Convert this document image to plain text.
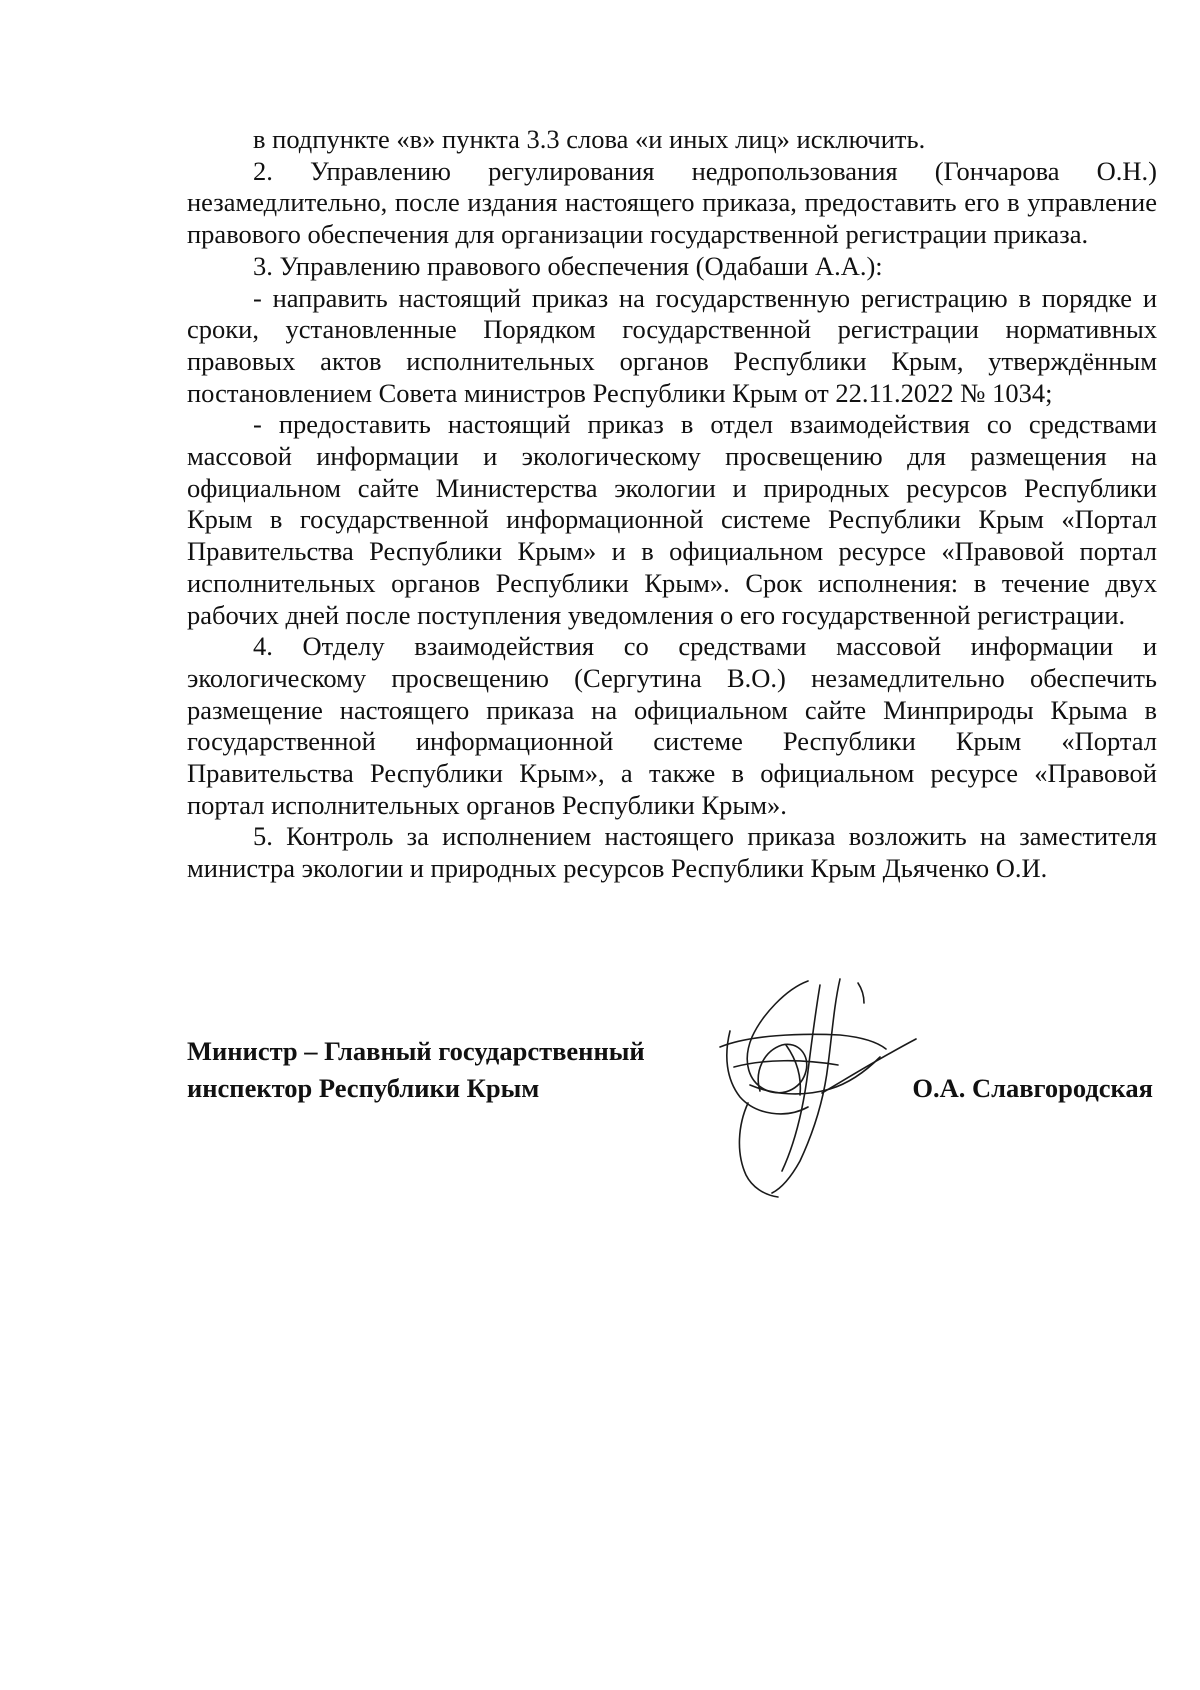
в подпункте «в» пункта 3.3 слова «и иных лиц» исключить.

2. Управлению регулирования недропользования (Гончарова О.Н.) незамедлительно, после издания настоящего приказа, предоставить его в управление правового обеспечения для организации государственной регистрации приказа.

3. Управлению правового обеспечения (Одабаши А.А.):

- направить настоящий приказ на государственную регистрацию в порядке и сроки, установленные Порядком государственной регистрации нормативных правовых актов исполнительных органов Республики Крым, утверждённым постановлением Совета министров Республики Крым от 22.11.2022 № 1034;

- предоставить настоящий приказ в отдел взаимодействия со средствами массовой информации и экологическому просвещению для размещения на официальном сайте Министерства экологии и природных ресурсов Республики Крым в государственной информационной системе Республики Крым «Портал Правительства Республики Крым» и в официальном ресурсе «Правовой портал исполнительных органов Республики Крым». Срок исполнения: в течение двух рабочих дней после поступления уведомления о его государственной регистрации.

4. Отделу взаимодействия со средствами массовой информации и экологическому просвещению (Сергутина В.О.) незамедлительно обеспечить размещение настоящего приказа на официальном сайте Минприроды Крыма в государственной информационной системе Республики Крым «Портал Правительства Республики Крым», а также в официальном ресурсе «Правовой портал исполнительных органов Республики Крым».

5. Контроль за исполнением настоящего приказа возложить на заместителя министра экологии и природных ресурсов Республики Крым Дьяченко О.И.

Министр – Главный государственный
инспектор Республики Крым	О.А. Славгородская
